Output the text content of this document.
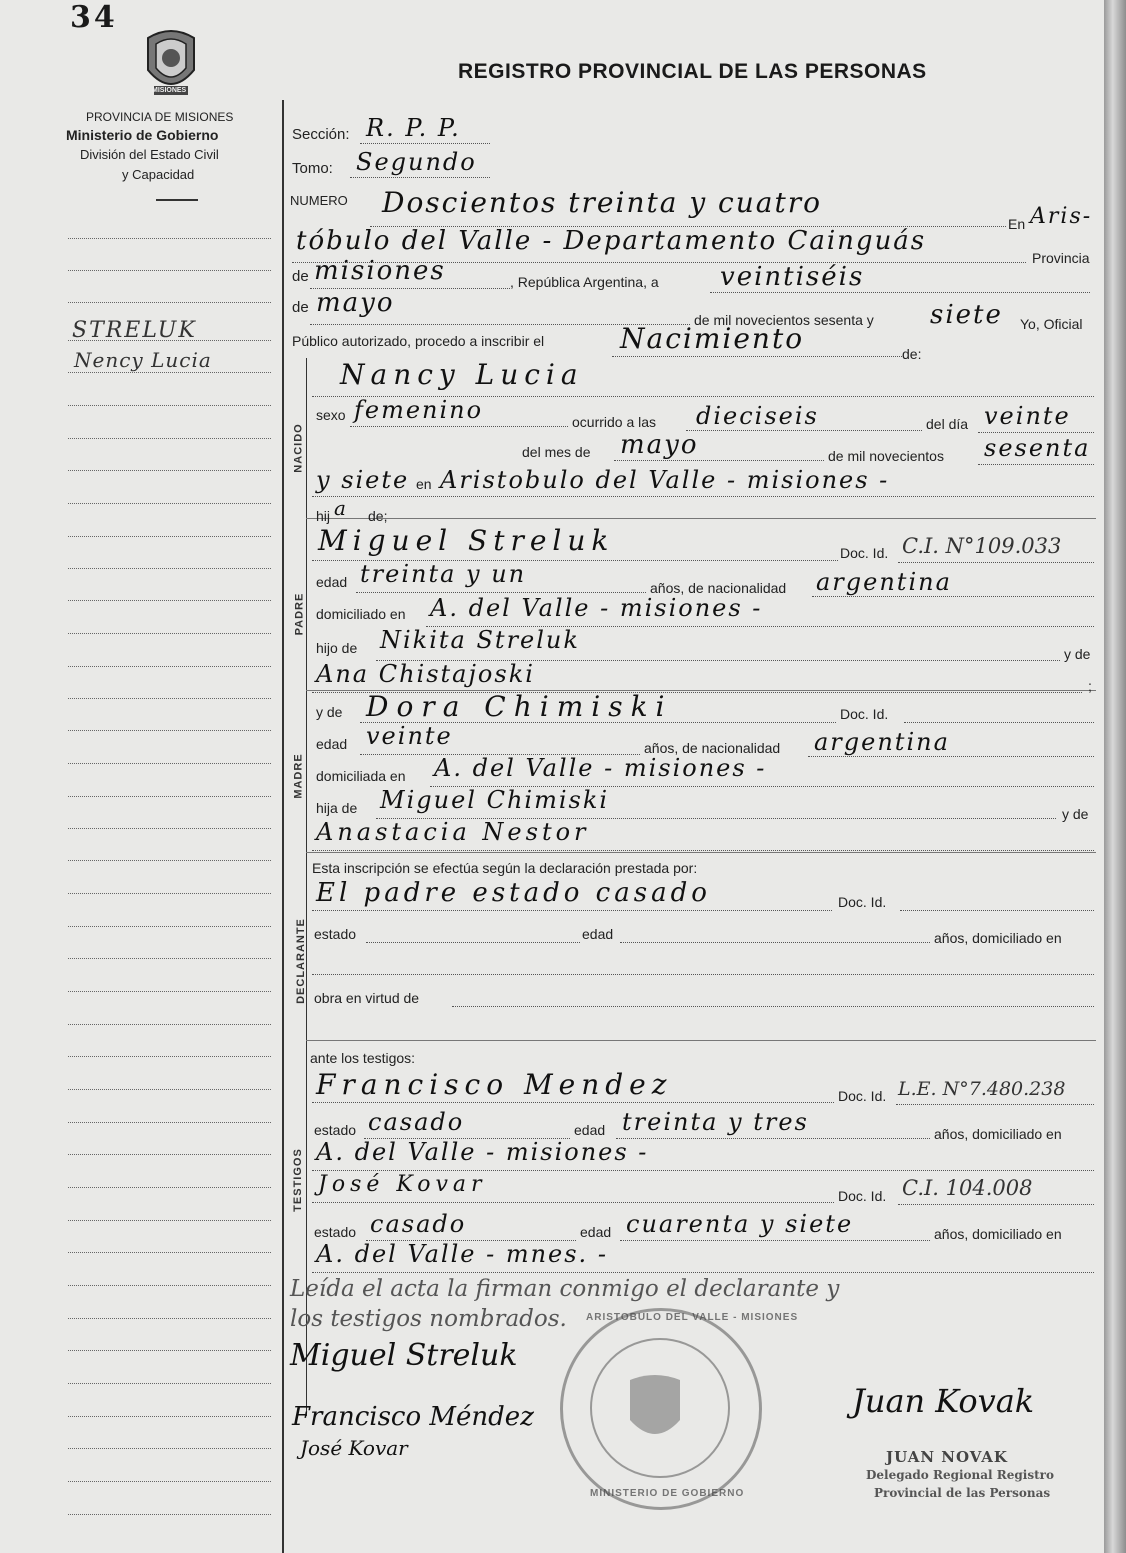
34
MISIONES
PROVINCIA DE MISIONES
Ministerio de Gobierno
División del Estado Civil
y Capacidad
REGISTRO PROVINCIAL DE LAS PERSONAS
STRELUK
Nency Lucia
NACIDO
PADRE
MADRE
DECLARANTE
TESTIGOS
Sección: R. P. P.
Tomo: Segundo
NUMERO Doscientos treinta y cuatro
En Aris-
tóbulo del Valle - Departamento Cainguás
Provincia
de misiones	, República Argentina, a veintiséis
de mayo
de mil novecientos sesenta y siete Yo, Oficial
Público autorizado, procedo a inscribir el	Nacimiento	de:
Nancy Lucia
sexo femenino	ocurrido a las dieciseis	del día veinte
del mes de mayo	de mil novecientos sesenta
y siete en Aristobulo del Valle - misiones -
hij a de;
Miguel Streluk	Doc. Id. C.I. N°109.033
edad treinta y un	años, de nacionalidad argentina
domiciliado en A. del Valle - misiones -
hijo de Nikita Streluk	y de
Ana Chistajoski	;
y de Dora Chimiski	Doc. Id.
edad veinte	años, de nacionalidad argentina
domiciliada en A. del Valle - misiones -
hija de Miguel Chimiski	y de
Anastacia Nestor
Esta inscripción se efectúa según la declaración prestada por:
El padre estado casado	Doc. Id.
estado	edad	años, domiciliado en
obra en virtud de
ante los testigos:
Francisco Mendez	Doc. Id. L.E. N°7.480.238
estado casado	edad treinta y tres	años, domiciliado en
A. del Valle - misiones -
José Kovar	Doc. Id. C.I. 104.008
estado casado	edad cuarenta y siete	años, domiciliado en
A. del Valle - mnes. -
Leída el acta la firman conmigo el declarante y
los testigos nombrados. ARISTOBULO DEL VALLE - MISIONES
MINISTERIO DE GOBIERNO
Miguel Streluk
Francisco Méndez
José Kovar
Juan Kovak
JUAN NOVAK
Delegado Regional Registro
Provincial de las Personas
